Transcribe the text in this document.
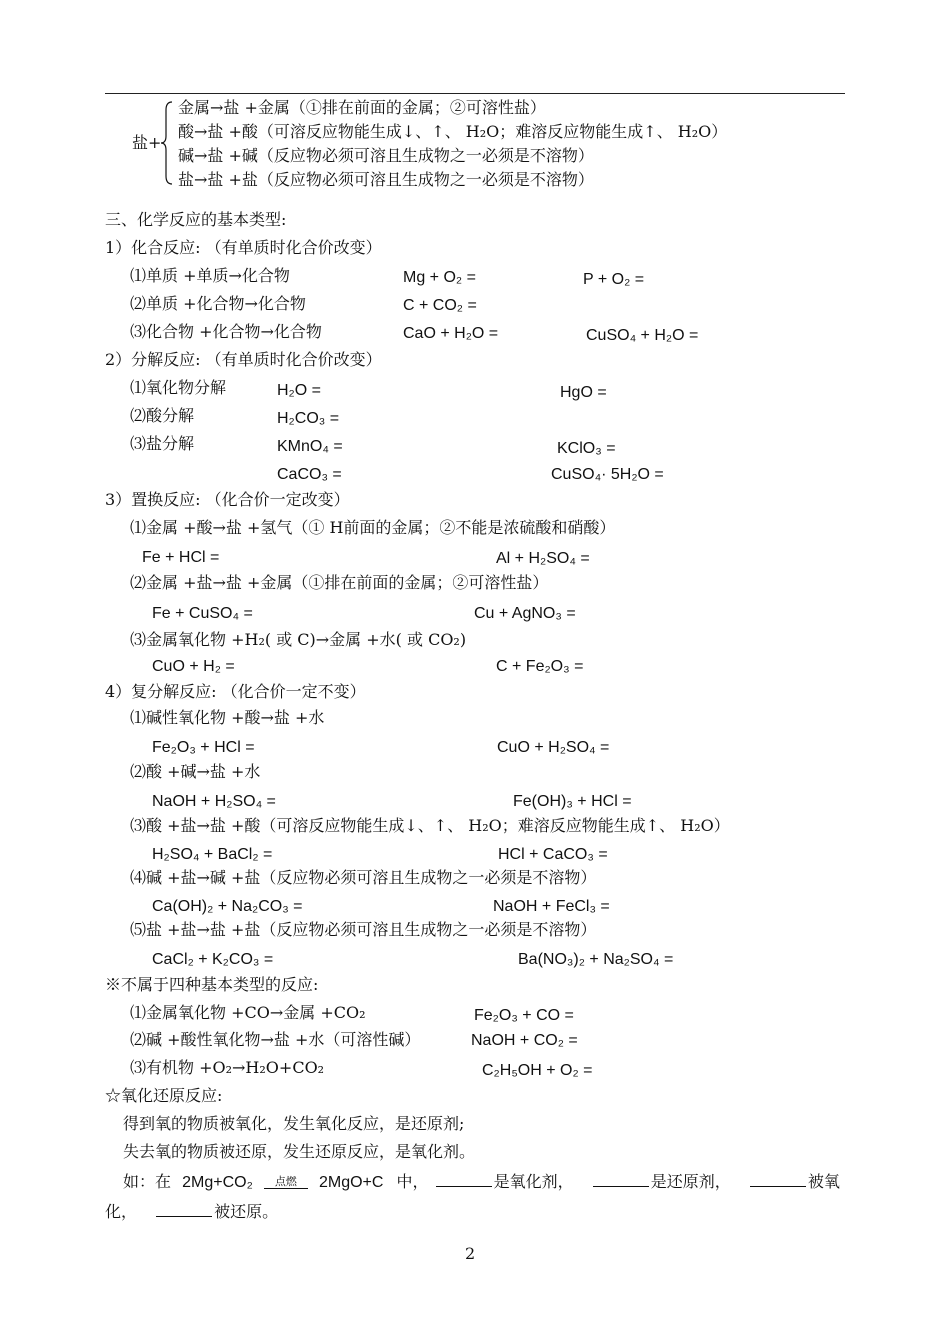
盐+
金属→盐 +金属（①排在前面的金属；②可溶性盐）
酸→盐 +酸（可溶反应物能生成↓、↑、 H₂O；难溶反应物能生成↑、 H₂O）
碱→盐 +碱（反应物必须可溶且生成物之一必须是不溶物）
盐→盐 +盐（反应物必须可溶且生成物之一必须是不溶物）
三、化学反应的基本类型:
1）化合反应: （有单质时化合价改变）
⑴单质 +单质→化合物	Mg + O₂ =	P + O₂ =
⑵单质 +化合物→化合物	C + CO₂ =
⑶化合物 +化合物→化合物	CaO + H₂O =	CuSO₄ + H₂O =
2）分解反应: （有单质时化合价改变）
⑴氧化物分解	H₂O =	HgO =
⑵酸分解	H₂CO₃ =
⑶盐分解	KMnO₄ =	KClO₃ =
CaCO₃ =	CuSO₄· 5H₂O =
3）置换反应: （化合价一定改变）
⑴金属 +酸→盐 +氢气（① H前面的金属；②不能是浓硫酸和硝酸）
Fe + HCl =	Al + H₂SO₄ =
⑵金属 +盐→盐 +金属（①排在前面的金属；②可溶性盐）
Fe + CuSO₄ =	Cu + AgNO₃ =
⑶金属氧化物 +H₂( 或 C)→金属 +水( 或 CO₂)
CuO + H₂ =	C + Fe₂O₃ =
4）复分解反应: （化合价一定不变）
⑴碱性氧化物 +酸→盐 +水
Fe₂O₃ + HCl =	CuO + H₂SO₄ =
⑵酸 +碱→盐 +水
NaOH + H₂SO₄ =	Fe(OH)₃ + HCl =
⑶酸 +盐→盐 +酸（可溶反应物能生成↓、↑、 H₂O；难溶反应物能生成↑、 H₂O）
H₂SO₄ + BaCl₂ =	HCl + CaCO₃ =
⑷碱 +盐→碱 +盐（反应物必须可溶且生成物之一必须是不溶物）
Ca(OH)₂ + Na₂CO₃ =	NaOH + FeCl₃ =
⑸盐 +盐→盐 +盐（反应物必须可溶且生成物之一必须是不溶物）
CaCl₂ + K₂CO₃ =	Ba(NO₃)₂ + Na₂SO₄ =
※不属于四种基本类型的反应:
⑴金属氧化物 +CO→金属 +CO₂	Fe₂O₃ + CO =
⑵碱 +酸性氧化物→盐 +水（可溶性碱）	NaOH + CO₂ =
⑶有机物 +O₂→H₂O+CO₂	C₂H₅OH + O₂ =
☆氧化还原反应:
得到氧的物质被氧化，发生氧化反应，是还原剂;
失去氧的物质被还原，发生还原反应，是氧化剂。
如：在 2Mg+CO₂	点燃	2MgO+C 中，	是氧化剂，	是还原剂，	被氧
化，	被还原。
2
